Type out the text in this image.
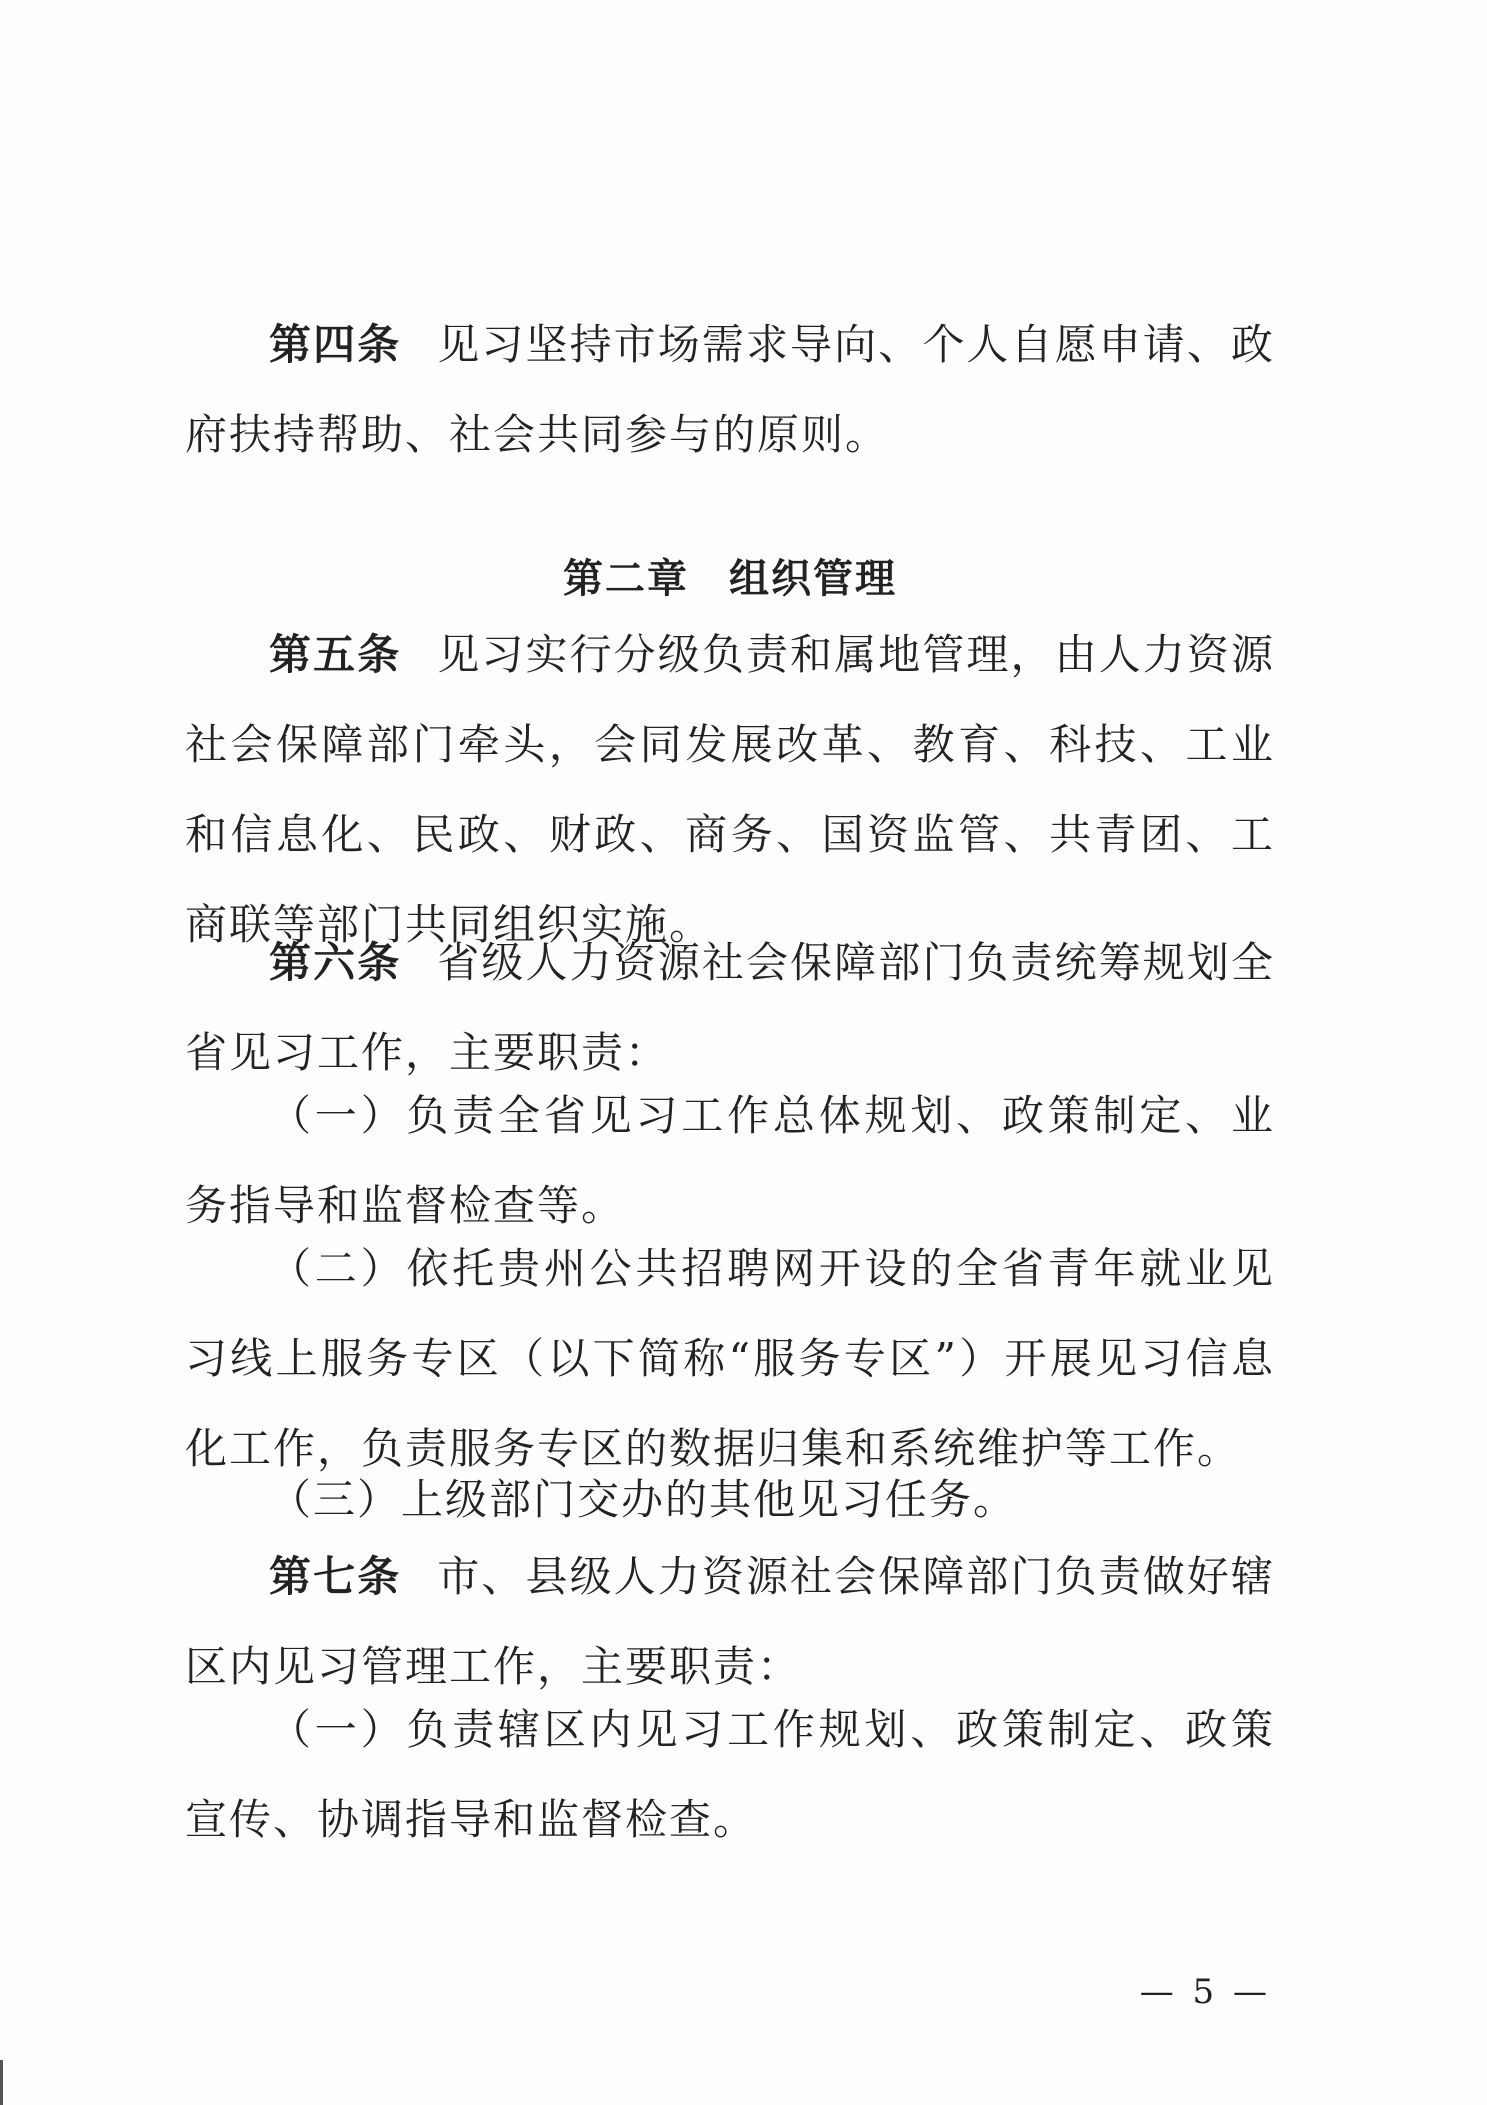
第四条 见习坚持市场需求导向、个人自愿申请、政府扶持帮助、社会共同参与的原则。

第二章 组织管理

第五条 见习实行分级负责和属地管理，由人力资源社会保障部门牵头，会同发展改革、教育、科技、工业和信息化、民政、财政、商务、国资监管、共青团、工商联等部门共同组织实施。

第六条 省级人力资源社会保障部门负责统筹规划全省见习工作，主要职责：

（一）负责全省见习工作总体规划、政策制定、业务指导和监督检查等。

（二）依托贵州公共招聘网开设的全省青年就业见习线上服务专区（以下简称“服务专区”）开展见习信息化工作，负责服务专区的数据归集和系统维护等工作。

（三）上级部门交办的其他见习任务。

第七条 市、县级人力资源社会保障部门负责做好辖区内见习管理工作，主要职责：

（一）负责辖区内见习工作规划、政策制定、政策宣传、协调指导和监督检查。

— 5 —
